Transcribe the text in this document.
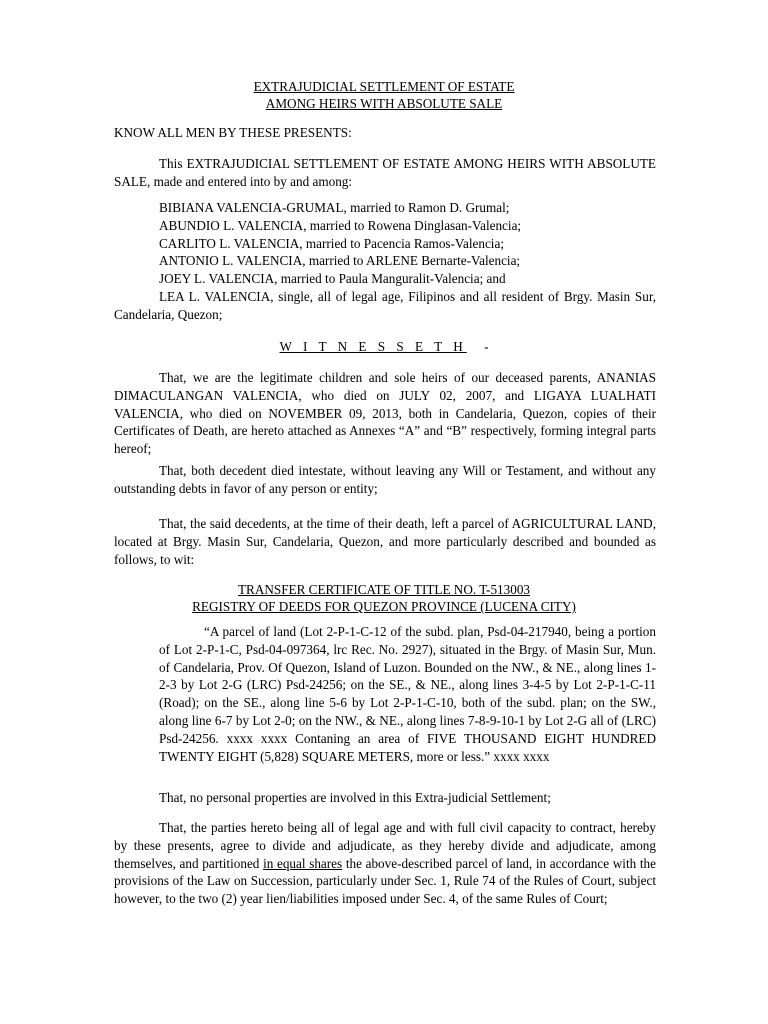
EXTRAJUDICIAL SETTLEMENT OF ESTATE
AMONG HEIRS WITH ABSOLUTE SALE
KNOW ALL MEN BY THESE PRESENTS:
This EXTRAJUDICIAL SETTLEMENT OF ESTATE AMONG HEIRS WITH ABSOLUTE SALE, made and entered into by and among:
BIBIANA VALENCIA-GRUMAL, married to Ramon D. Grumal;
ABUNDIO L. VALENCIA, married to Rowena Dinglasan-Valencia;
CARLITO L. VALENCIA, married to Pacencia Ramos-Valencia;
ANTONIO L. VALENCIA, married to ARLENE Bernarte-Valencia;
JOEY L. VALENCIA, married to Paula Manguralit-Valencia; and
LEA L. VALENCIA, single, all of legal age, Filipinos and all resident of Brgy. Masin Sur, Candelaria, Quezon;
W I T N E S S E T H -
That, we are the legitimate children and sole heirs of our deceased parents, ANANIAS DIMACULANGAN VALENCIA, who died on JULY 02, 2007, and LIGAYA LUALHATI VALENCIA, who died on NOVEMBER 09, 2013, both in Candelaria, Quezon, copies of their Certificates of Death, are hereto attached as Annexes “A” and “B” respectively, forming integral parts hereof;
That, both decedent died intestate, without leaving any Will or Testament, and without any outstanding debts in favor of any person or entity;
That, the said decedents, at the time of their death, left a parcel of AGRICULTURAL LAND, located at Brgy. Masin Sur, Candelaria, Quezon, and more particularly described and bounded as follows, to wit:
TRANSFER CERTIFICATE OF TITLE NO. T-513003
REGISTRY OF DEEDS FOR QUEZON PROVINCE (LUCENA CITY)
“A parcel of land (Lot 2-P-1-C-12 of the subd. plan, Psd-04-217940, being a portion of Lot 2-P-1-C, Psd-04-097364, lrc Rec. No. 2927), situated in the Brgy. of Masin Sur, Mun. of Candelaria, Prov. Of Quezon, Island of Luzon. Bounded on the NW., & NE., along lines 1-2-3 by Lot 2-G (LRC) Psd-24256; on the SE., & NE., along lines 3-4-5 by Lot 2-P-1-C-11 (Road); on the SE., along line 5-6 by Lot 2-P-1-C-10, both of the subd. plan; on the SW., along line 6-7 by Lot 2-0; on the NW., & NE., along lines 7-8-9-10-1 by Lot 2-G all of (LRC) Psd-24256. xxxx xxxx Contaning an area of FIVE THOUSAND EIGHT HUNDRED TWENTY EIGHT (5,828) SQUARE METERS, more or less.” xxxx xxxx
That, no personal properties are involved in this Extra-judicial Settlement;
That, the parties hereto being all of legal age and with full civil capacity to contract, hereby by these presents, agree to divide and adjudicate, as they hereby divide and adjudicate, among themselves, and partitioned in equal shares the above-described parcel of land, in accordance with the provisions of the Law on Succession, particularly under Sec. 1, Rule 74 of the Rules of Court, subject however, to the two (2) year lien/liabilities imposed under Sec. 4, of the same Rules of Court;
